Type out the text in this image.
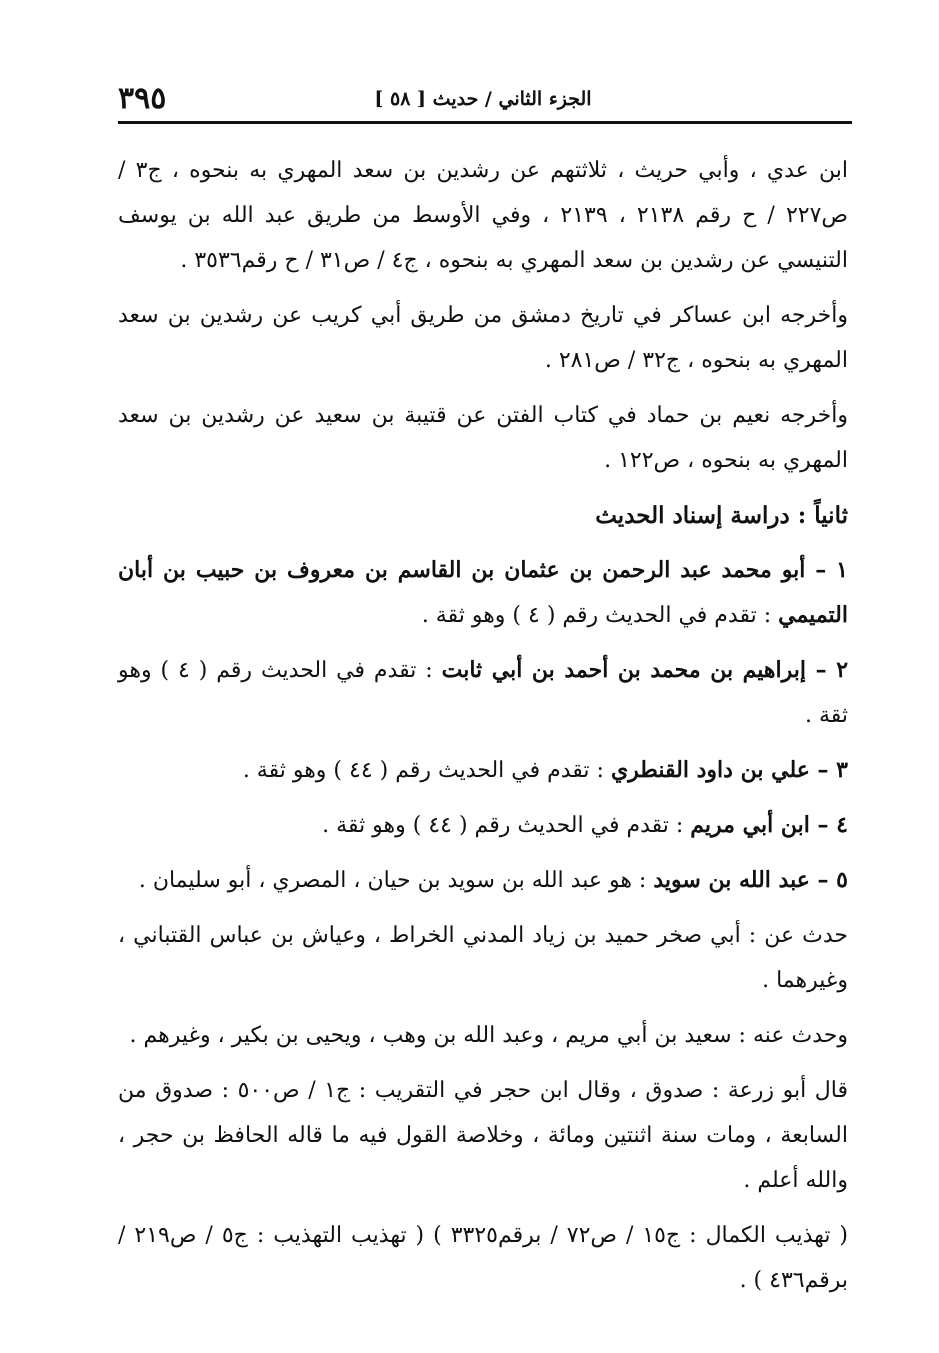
الجزء الثاني / حديث [ ٥٨ ]
٣٩٥

ابن عدي ، وأبي حريث ، ثلاثتهم عن رشدين بن سعد المهري به بنحوه ، ج٣ / ص٢٢٧ / ح رقم ٢١٣٨ ، ٢١٣٩ ، وفي الأوسط من طريق عبد الله بن يوسف التنيسي عن رشدين بن سعد المهري به بنحوه ، ج٤ / ص٣١ / ح رقم٣٥٣٦ .

وأخرجه ابن عساكر في تاريخ دمشق من طريق أبي كريب عن رشدين بن سعد المهري به بنحوه ، ج٣٢ / ص٢٨١ .

وأخرجه نعيم بن حماد في كتاب الفتن عن قتيبة بن سعيد عن رشدين بن سعد المهري به بنحوه ، ص١٢٢ .

ثانياً : دراسة إسناد الحديث

١ – أبو محمد عبد الرحمن بن عثمان بن القاسم بن معروف بن حبيب بن أبان التميمي : تقدم في الحديث رقم ( ٤ ) وهو ثقة .

٢ – إبراهيم بن محمد بن أحمد بن أبي ثابت : تقدم في الحديث رقم ( ٤ ) وهو ثقة .

٣ – علي بن داود القنطري : تقدم في الحديث رقم ( ٤٤ ) وهو ثقة .

٤ – ابن أبي مريم : تقدم في الحديث رقم ( ٤٤ ) وهو ثقة .

٥ – عبد الله بن سويد : هو عبد الله بن سويد بن حيان ، المصري ، أبو سليمان .

حدث عن : أبي صخر حميد بن زياد المدني الخراط ، وعياش بن عباس القتباني ، وغيرهما .

وحدث عنه : سعيد بن أبي مريم ، وعبد الله بن وهب ، ويحيى بن بكير ، وغيرهم .

قال أبو زرعة : صدوق ، وقال ابن حجر في التقريب : ج١ / ص٥٠٠ : صدوق من السابعة ، ومات سنة اثنتين ومائة ، وخلاصة القول فيه ما قاله الحافظ بن حجر ، والله أعلم .

( تهذيب الكمال : ج١٥ / ص٧٢ / برقم٣٣٢٥ ) ( تهذيب التهذيب : ج٥ / ص٢١٩ / برقم٤٣٦ ) .
